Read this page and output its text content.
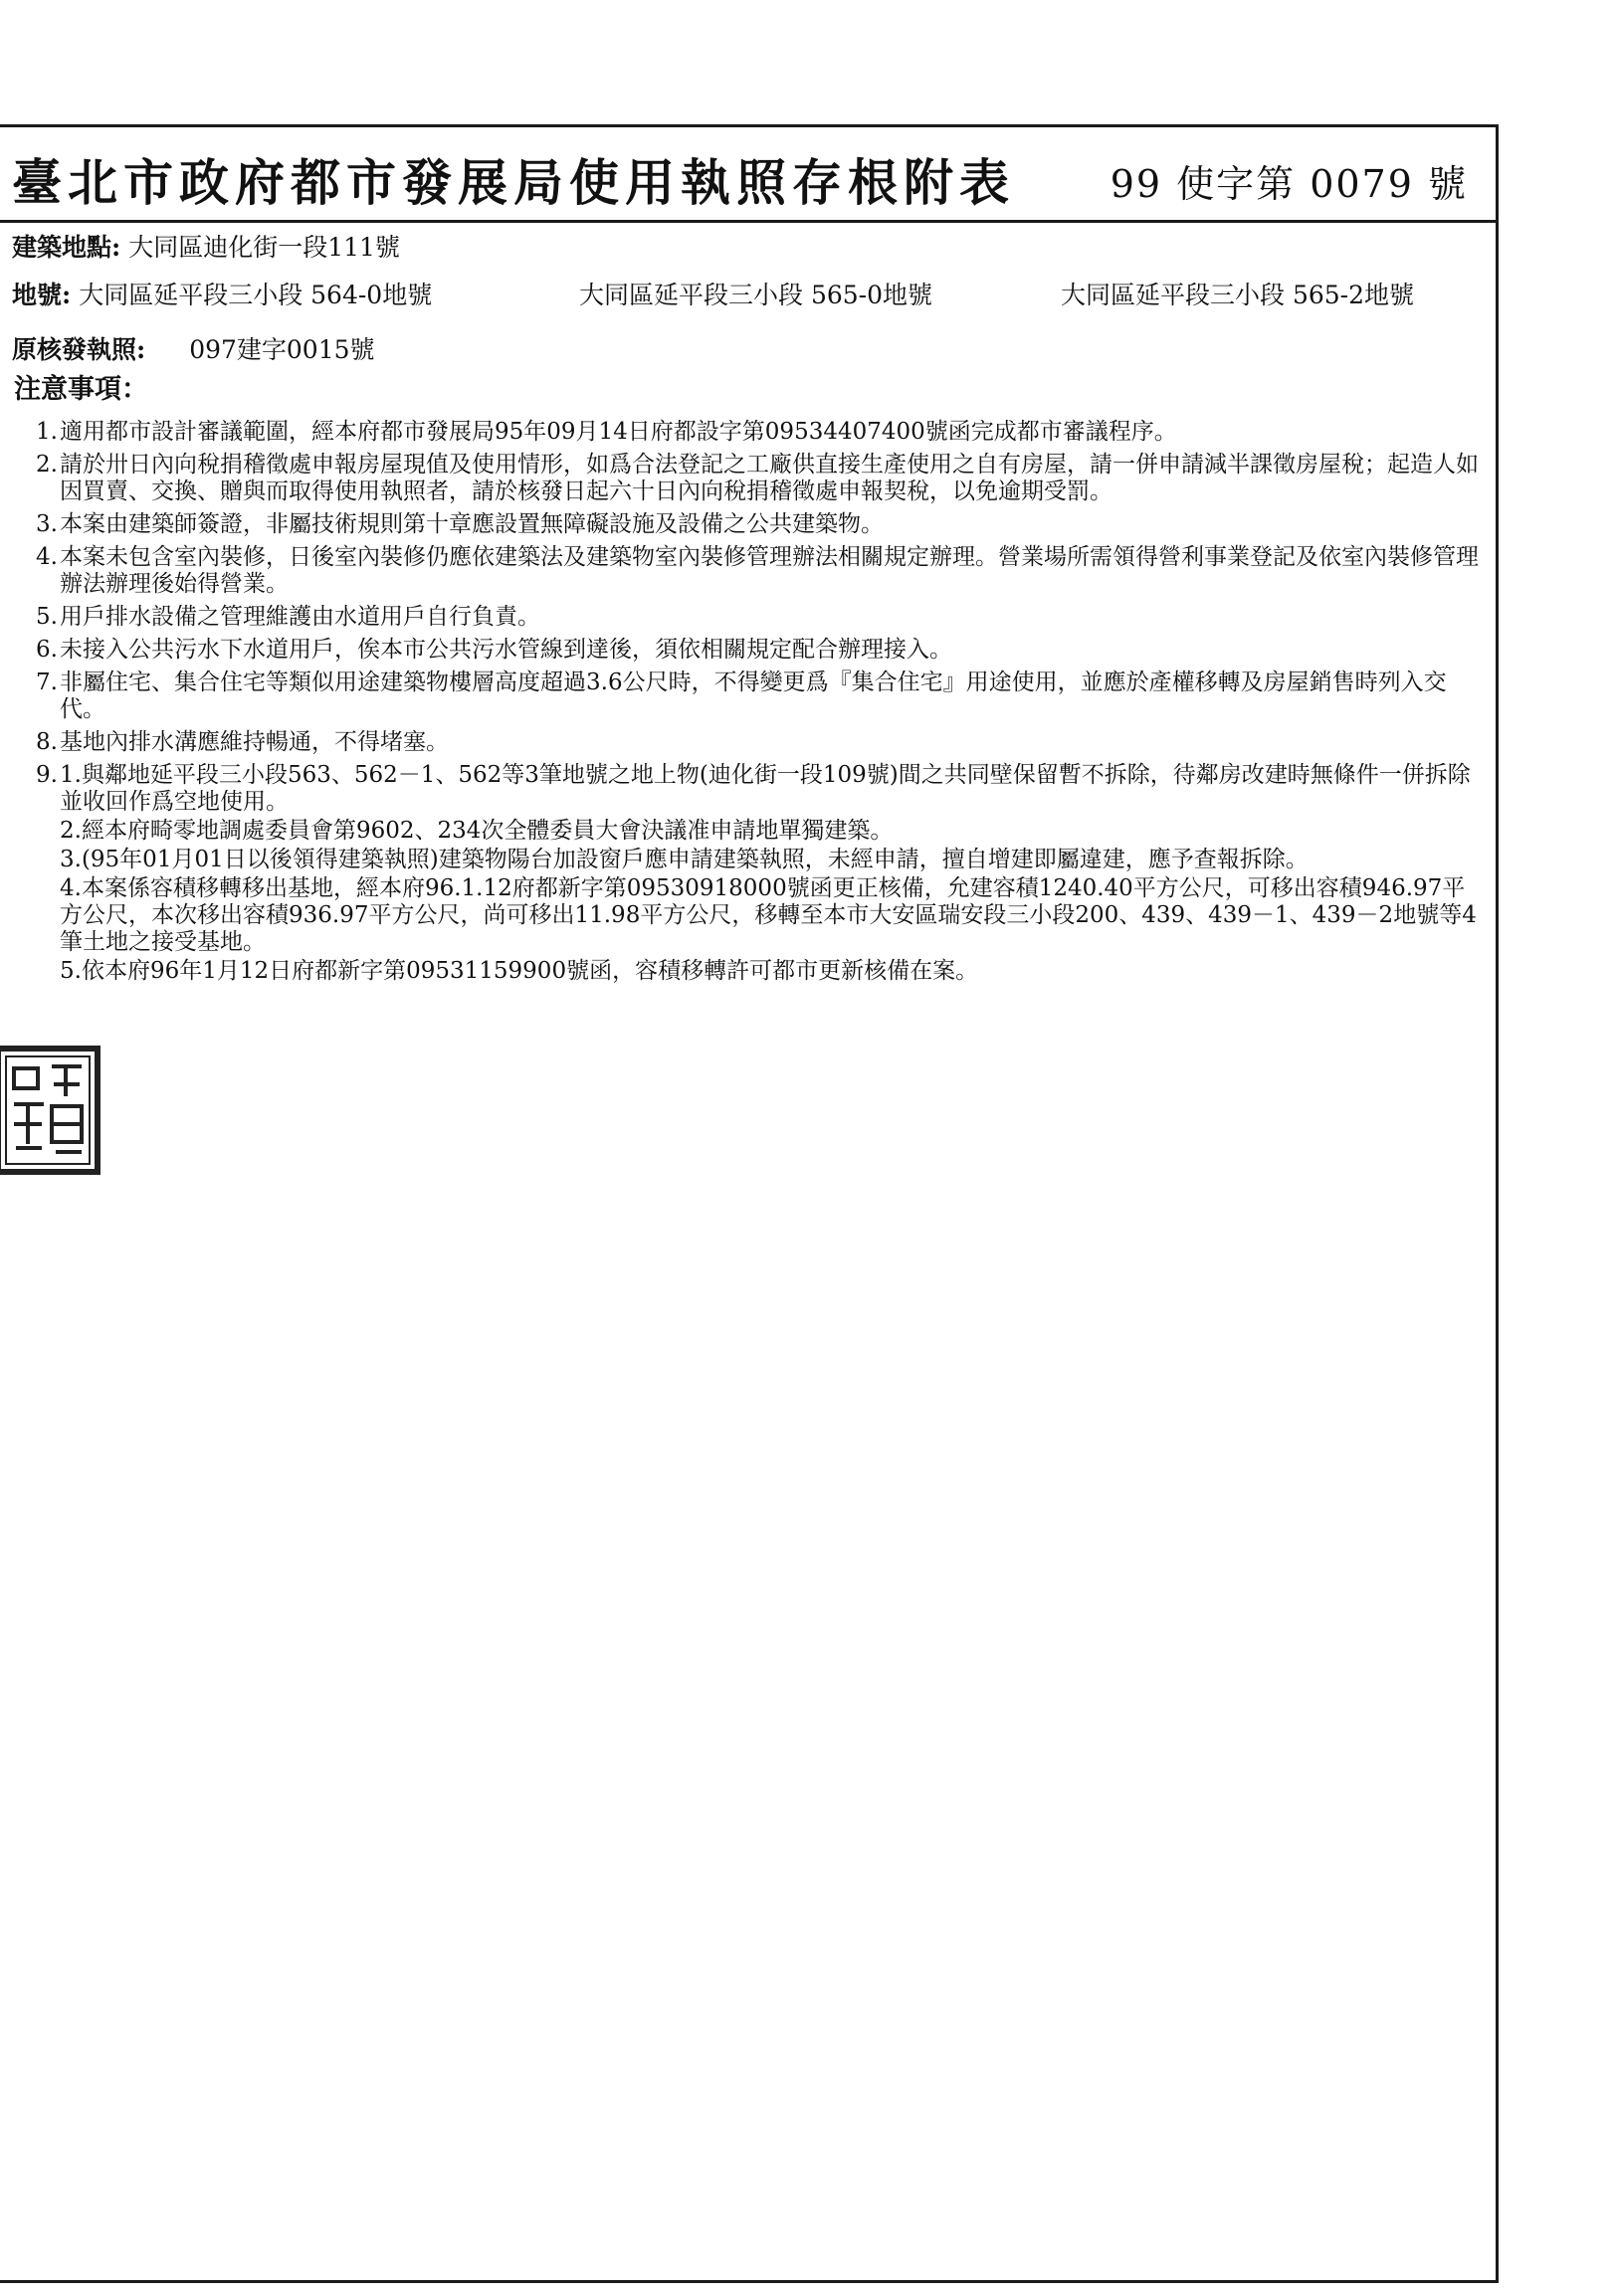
臺北市政府都市發展局使用執照存根附表	99 使字第 0079 號
建築地點: 大同區迪化街一段111號
地號: 大同區延平段三小段 564-0地號	大同區延平段三小段 565-0地號	大同區延平段三小段 565-2地號
原核發執照: 097建字0015號
注意事項：
1. 適用都市設計審議範圍，經本府都市發展局95年09月14日府都設字第09534407400號函完成都市審議程序。
2. 請於卅日內向稅捐稽徵處申報房屋現值及使用情形，如爲合法登記之工廠供直接生產使用之自有房屋，請一併申請減半課徵房屋稅；起造人如因買賣、交換、贈與而取得使用執照者，請於核發日起六十日內向稅捐稽徵處申報契稅，以免逾期受罰。
3. 本案由建築師簽證，非屬技術規則第十章應設置無障礙設施及設備之公共建築物。
4. 本案未包含室內裝修，日後室內裝修仍應依建築法及建築物室內裝修管理辦法相關規定辦理。營業場所需領得營利事業登記及依室內裝修管理辦法辦理後始得營業。
5. 用戶排水設備之管理維護由水道用戶自行負責。
6. 未接入公共污水下水道用戶，俟本市公共污水管線到達後，須依相關規定配合辦理接入。
7. 非屬住宅、集合住宅等類似用途建築物樓層高度超過3.6公尺時，不得變更爲『集合住宅』用途使用，並應於產權移轉及房屋銷售時列入交代。
8. 基地內排水溝應維持暢通，不得堵塞。
9. 1.與鄰地延平段三小段563、562－1、562等3筆地號之地上物(迪化街一段109號)間之共同壁保留暫不拆除，待鄰房改建時無條件一併拆除並收回作爲空地使用。
2.經本府畸零地調處委員會第9602、234次全體委員大會決議准申請地單獨建築。
3.(95年01月01日以後領得建築執照)建築物陽台加設窗戶應申請建築執照，未經申請，擅自增建即屬違建，應予查報拆除。
4.本案係容積移轉移出基地，經本府96.1.12府都新字第09530918000號函更正核備，允建容積1240.40平方公尺，可移出容積946.97平方公尺，本次移出容積936.97平方公尺，尚可移出11.98平方公尺，移轉至本市大安區瑞安段三小段200、439、439－1、439－2地號等4筆土地之接受基地。
5.依本府96年1月12日府都新字第09531159900號函，容積移轉許可都市更新核備在案。
